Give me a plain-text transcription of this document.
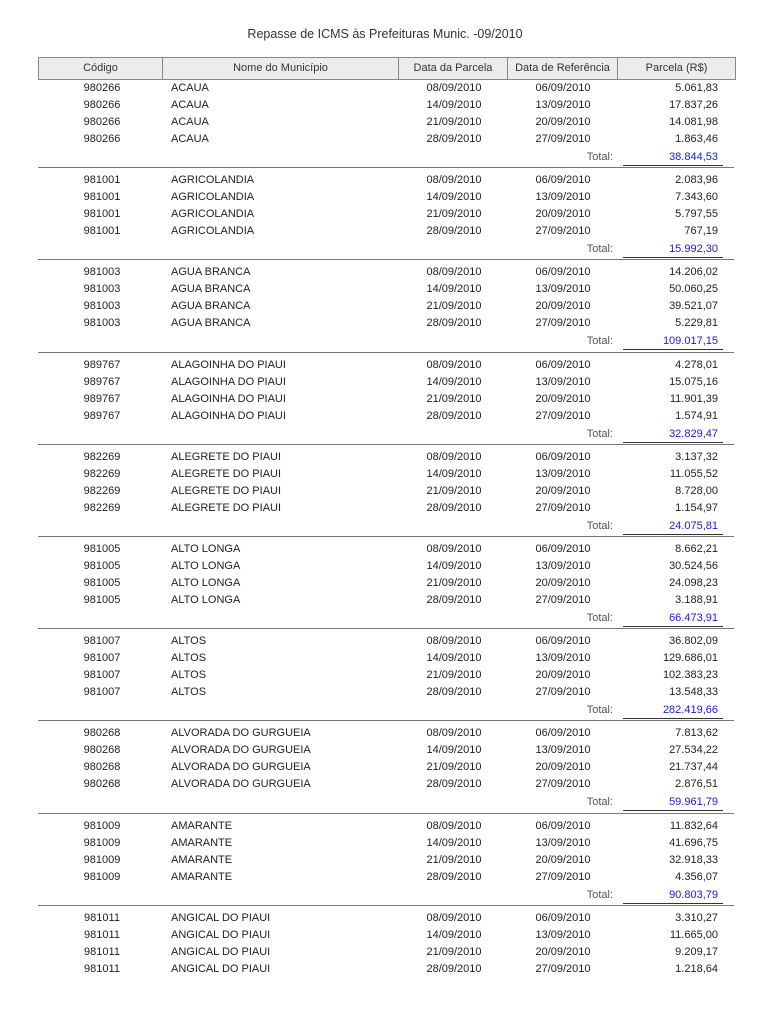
Repasse de ICMS às Prefeituras Munic. -09/2010
Código	Nome do Município	Data da Parcela	Data de Referência	Parcela (R$)
980266	ACAUA	08/09/2010	06/09/2010	5.061,83
980266	ACAUA	14/09/2010	13/09/2010	17.837,26
980266	ACAUA	21/09/2010	20/09/2010	14.081,98
980266	ACAUA	28/09/2010	27/09/2010	1.863,46
Total:	38.844,53
981001	AGRICOLANDIA	08/09/2010	06/09/2010	2.083,96
981001	AGRICOLANDIA	14/09/2010	13/09/2010	7.343,60
981001	AGRICOLANDIA	21/09/2010	20/09/2010	5.797,55
981001	AGRICOLANDIA	28/09/2010	27/09/2010	767,19
Total:	15.992,30
981003	AGUA BRANCA	08/09/2010	06/09/2010	14.206,02
981003	AGUA BRANCA	14/09/2010	13/09/2010	50.060,25
981003	AGUA BRANCA	21/09/2010	20/09/2010	39.521,07
981003	AGUA BRANCA	28/09/2010	27/09/2010	5.229,81
Total:	109.017,15
989767	ALAGOINHA DO PIAUI	08/09/2010	06/09/2010	4.278,01
989767	ALAGOINHA DO PIAUI	14/09/2010	13/09/2010	15.075,16
989767	ALAGOINHA DO PIAUI	21/09/2010	20/09/2010	11.901,39
989767	ALAGOINHA DO PIAUI	28/09/2010	27/09/2010	1.574,91
Total:	32.829,47
982269	ALEGRETE DO PIAUI	08/09/2010	06/09/2010	3.137,32
982269	ALEGRETE DO PIAUI	14/09/2010	13/09/2010	11.055,52
982269	ALEGRETE DO PIAUI	21/09/2010	20/09/2010	8.728,00
982269	ALEGRETE DO PIAUI	28/09/2010	27/09/2010	1.154,97
Total:	24.075,81
981005	ALTO LONGA	08/09/2010	06/09/2010	8.662,21
981005	ALTO LONGA	14/09/2010	13/09/2010	30.524,56
981005	ALTO LONGA	21/09/2010	20/09/2010	24.098,23
981005	ALTO LONGA	28/09/2010	27/09/2010	3.188,91
Total:	66.473,91
981007	ALTOS	08/09/2010	06/09/2010	36.802,09
981007	ALTOS	14/09/2010	13/09/2010	129.686,01
981007	ALTOS	21/09/2010	20/09/2010	102.383,23
981007	ALTOS	28/09/2010	27/09/2010	13.548,33
Total:	282.419,66
980268	ALVORADA DO GURGUEIA	08/09/2010	06/09/2010	7.813,62
980268	ALVORADA DO GURGUEIA	14/09/2010	13/09/2010	27.534,22
980268	ALVORADA DO GURGUEIA	21/09/2010	20/09/2010	21.737,44
980268	ALVORADA DO GURGUEIA	28/09/2010	27/09/2010	2.876,51
Total:	59.961,79
981009	AMARANTE	08/09/2010	06/09/2010	11.832,64
981009	AMARANTE	14/09/2010	13/09/2010	41.696,75
981009	AMARANTE	21/09/2010	20/09/2010	32.918,33
981009	AMARANTE	28/09/2010	27/09/2010	4.356,07
Total:	90.803,79
981011	ANGICAL DO PIAUI	08/09/2010	06/09/2010	3.310,27
981011	ANGICAL DO PIAUI	14/09/2010	13/09/2010	11.665,00
981011	ANGICAL DO PIAUI	21/09/2010	20/09/2010	9.209,17
981011	ANGICAL DO PIAUI	28/09/2010	27/09/2010	1.218,64
